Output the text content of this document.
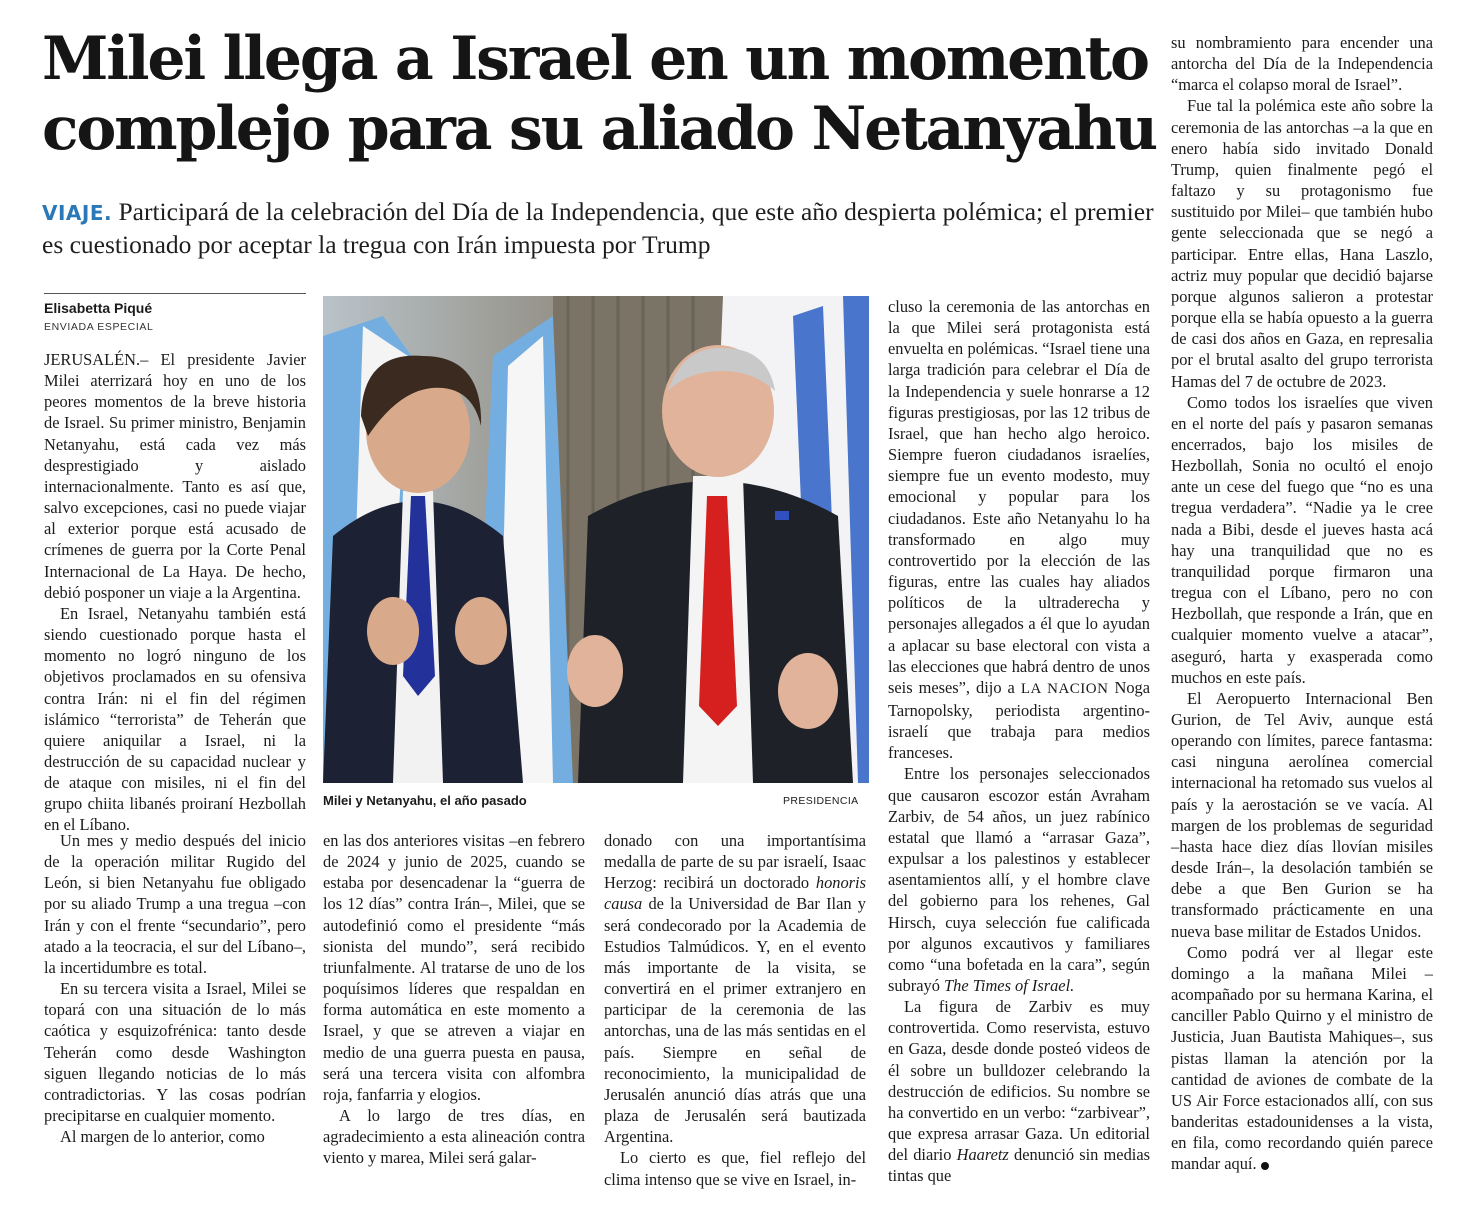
Milei llega a Israel en un momento
complejo para su aliado Netanyahu
VIAJE. Participará de la celebración del Día de la Independencia, que este año despierta polémica; el premier es cuestionado por aceptar la tregua con Irán impuesta por Trump
Elisabetta Piqué
ENVIADA ESPECIAL

JERUSALÉN.– El presidente Javier Milei aterrizará hoy en uno de los peores momentos de la breve historia de Israel. Su primer ministro, Benjamin Netanyahu, está cada vez más desprestigiado y aislado internacionalmente. Tanto es así que, salvo excepciones, casi no puede viajar al exterior porque está acusado de crímenes de guerra por la Corte Penal Internacional de La Haya. De hecho, debió posponer un viaje a la Argentina.

En Israel, Netanyahu también está siendo cuestionado porque hasta el momento no logró ninguno de los objetivos proclamados en su ofensiva contra Irán: ni el fin del régimen islámico “terrorista” de Teherán que quiere aniquilar a Israel, ni la destrucción de su capacidad nuclear y de ataque con misiles, ni el fin del grupo chiita libanés proiraní Hezbollah en el Líbano.

Un mes y medio después del inicio de la operación militar Rugido del León, si bien Netanyahu fue obligado por su aliado Trump a una tregua –con Irán y con el frente “secundario”, pero atado a la teocracia, el sur del Líbano–, la incertidumbre es total.

En su tercera visita a Israel, Milei se topará con una situación de lo más caótica y esquizofrénica: tanto desde Teherán como desde Washington siguen llegando noticias de lo más contradictorias. Y las cosas podrían precipitarse en cualquier momento.

Al margen de lo anterior, como

Milei y Netanyahu, el año pasado	PRESIDENCIA

en las dos anteriores visitas –en febrero de 2024 y junio de 2025, cuando se estaba por desencadenar la “guerra de los 12 días” contra Irán–, Milei, que se autodefinió como el presidente “más sionista del mundo”, será recibido triunfalmente. Al tratarse de uno de los poquísimos líderes que respaldan en forma automática en este momento a Israel, y que se atreven a viajar en medio de una guerra puesta en pausa, será una tercera visita con alfombra roja, fanfarria y elogios.

A lo largo de tres días, en agradecimiento a esta alineación contra viento y marea, Milei será galar-

donado con una importantísima medalla de parte de su par israelí, Isaac Herzog: recibirá un doctorado honoris causa de la Universidad de Bar Ilan y será condecorado por la Academia de Estudios Talmúdicos. Y, en el evento más importante de la visita, se convertirá en el primer extranjero en participar de la ceremonia de las antorchas, una de las más sentidas en el país. Siempre en señal de reconocimiento, la municipalidad de Jerusalén anunció días atrás que una plaza de Jerusalén será bautizada Argentina.

Lo cierto es que, fiel reflejo del clima intenso que se vive en Israel, in-

cluso la ceremonia de las antorchas en la que Milei será protagonista está envuelta en polémicas. “Israel tiene una larga tradición para celebrar el Día de la Independencia y suele honrarse a 12 figuras prestigiosas, por las 12 tribus de Israel, que han hecho algo heroico. Siempre fueron ciudadanos israelíes, siempre fue un evento modesto, muy emocional y popular para los ciudadanos. Este año Netanyahu lo ha transformado en algo muy controvertido por la elección de las figuras, entre las cuales hay aliados políticos de la ultraderecha y personajes allegados a él que lo ayudan a aplacar su base electoral con vista a las elecciones que habrá dentro de unos seis meses”, dijo a LA NACION Noga Tarnopolsky, periodista argentino-israelí que trabaja para medios franceses.

Entre los personajes seleccionados que causaron escozor están Avraham Zarbiv, de 54 años, un juez rabínico estatal que llamó a “arrasar Gaza”, expulsar a los palestinos y establecer asentamientos allí, y el hombre clave del gobierno para los rehenes, Gal Hirsch, cuya selección fue calificada por algunos excautivos y familiares como “una bofetada en la cara”, según subrayó The Times of Israel.

La figura de Zarbiv es muy controvertida. Como reservista, estuvo en Gaza, desde donde posteó videos de él sobre un bulldozer celebrando la destrucción de edificios. Su nombre se ha convertido en un verbo: “zarbivear”, que expresa arrasar Gaza. Un editorial del diario Haaretz denunció sin medias tintas que

su nombramiento para encender una antorcha del Día de la Independencia “marca el colapso moral de Israel”.

Fue tal la polémica este año sobre la ceremonia de las antorchas –a la que en enero había sido invitado Donald Trump, quien finalmente pegó el faltazo y su protagonismo fue sustituido por Milei– que también hubo gente seleccionada que se negó a participar. Entre ellas, Hana Laszlo, actriz muy popular que decidió bajarse porque algunos salieron a protestar porque ella se había opuesto a la guerra de casi dos años en Gaza, en represalia por el brutal asalto del grupo terrorista Hamas del 7 de octubre de 2023.

Como todos los israelíes que viven en el norte del país y pasaron semanas encerrados, bajo los misiles de Hezbollah, Sonia no ocultó el enojo ante un cese del fuego que “no es una tregua verdadera”. “Nadie ya le cree nada a Bibi, desde el jueves hasta acá hay una tranquilidad que no es tranquilidad porque firmaron una tregua con el Líbano, pero no con Hezbollah, que responde a Irán, que en cualquier momento vuelve a atacar”, aseguró, harta y exasperada como muchos en este país.

El Aeropuerto Internacional Ben Gurion, de Tel Aviv, aunque está operando con límites, parece fantasma: casi ninguna aerolínea comercial internacional ha retomado sus vuelos al país y la aerostación se ve vacía. Al margen de los problemas de seguridad –hasta hace diez días llovían misiles desde Irán–, la desolación también se debe a que Ben Gurion se ha transformado prácticamente en una nueva base militar de Estados Unidos.

Como podrá ver al llegar este domingo a la mañana Milei –acompañado por su hermana Karina, el canciller Pablo Quirno y el ministro de Justicia, Juan Bautista Mahiques–, sus pistas llaman la atención por la cantidad de aviones de combate de la US Air Force estacionados allí, con sus banderitas estadounidenses a la vista, en fila, como recordando quién parece mandar aquí.
